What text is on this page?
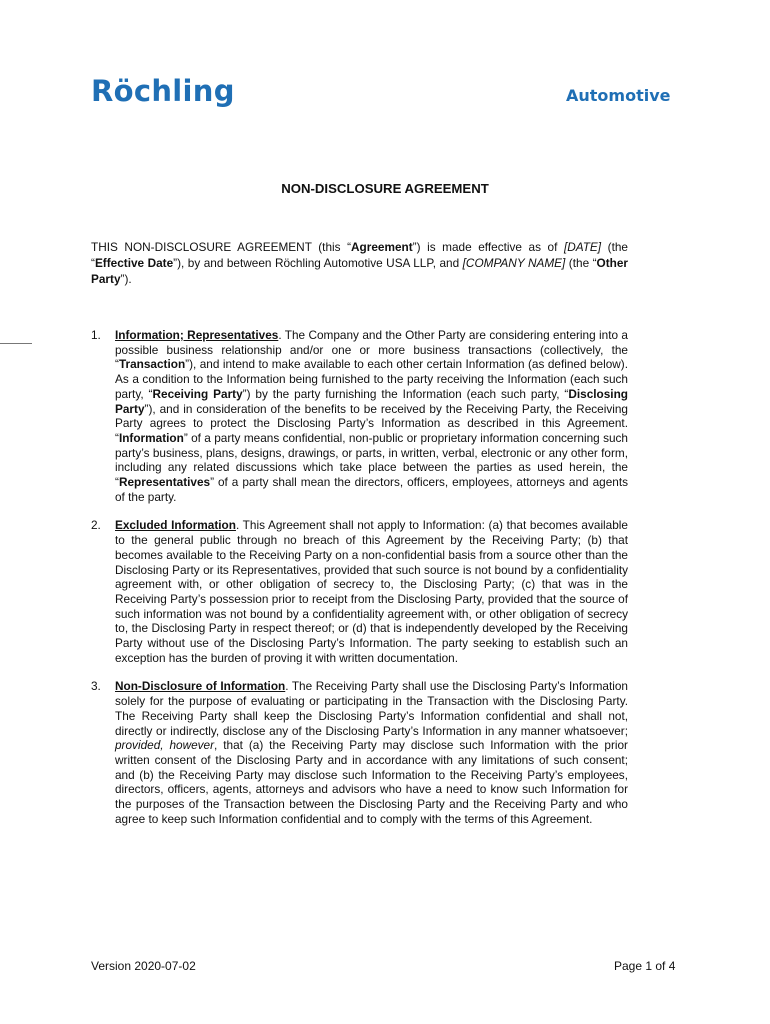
Röchling	Automotive
NON-DISCLOSURE AGREEMENT
THIS NON-DISCLOSURE AGREEMENT (this “Agreement”) is made effective as of [DATE] (the “Effective Date”), by and between Röchling Automotive USA LLP, and [COMPANY NAME] (the “Other Party”).
1. Information; Representatives. The Company and the Other Party are considering entering into a possible business relationship and/or one or more business transactions (collectively, the “Transaction”), and intend to make available to each other certain Information (as defined below). As a condition to the Information being furnished to the party receiving the Information (each such party, “Receiving Party”) by the party furnishing the Information (each such party, “Disclosing Party”), and in consideration of the benefits to be received by the Receiving Party, the Receiving Party agrees to protect the Disclosing Party’s Information as described in this Agreement. “Information” of a party means confidential, non-public or proprietary information concerning such party’s business, plans, designs, drawings, or parts, in written, verbal, electronic or any other form, including any related discussions which take place between the parties as used herein, the “Representatives” of a party shall mean the directors, officers, employees, attorneys and agents of the party.

2. Excluded Information. This Agreement shall not apply to Information: (a) that becomes available to the general public through no breach of this Agreement by the Receiving Party; (b) that becomes available to the Receiving Party on a non-confidential basis from a source other than the Disclosing Party or its Representatives, provided that such source is not bound by a confidentiality agreement with, or other obligation of secrecy to, the Disclosing Party; (c) that was in the Receiving Party’s possession prior to receipt from the Disclosing Party, provided that the source of such information was not bound by a confidentiality agreement with, or other obligation of secrecy to, the Disclosing Party in respect thereof; or (d) that is independently developed by the Receiving Party without use of the Disclosing Party’s Information. The party seeking to establish such an exception has the burden of proving it with written documentation.

3. Non-Disclosure of Information. The Receiving Party shall use the Disclosing Party’s Information solely for the purpose of evaluating or participating in the Transaction with the Disclosing Party. The Receiving Party shall keep the Disclosing Party’s Information confidential and shall not, directly or indirectly, disclose any of the Disclosing Party’s Information in any manner whatsoever; provided, however, that (a) the Receiving Party may disclose such Information with the prior written consent of the Disclosing Party and in accordance with any limitations of such consent; and (b) the Receiving Party may disclose such Information to the Receiving Party’s employees, directors, officers, agents, attorneys and advisors who have a need to know such Information for the purposes of the Transaction between the Disclosing Party and the Receiving Party and who agree to keep such Information confidential and to comply with the terms of this Agreement.

Version 2020-07-02	Page 1 of 4
